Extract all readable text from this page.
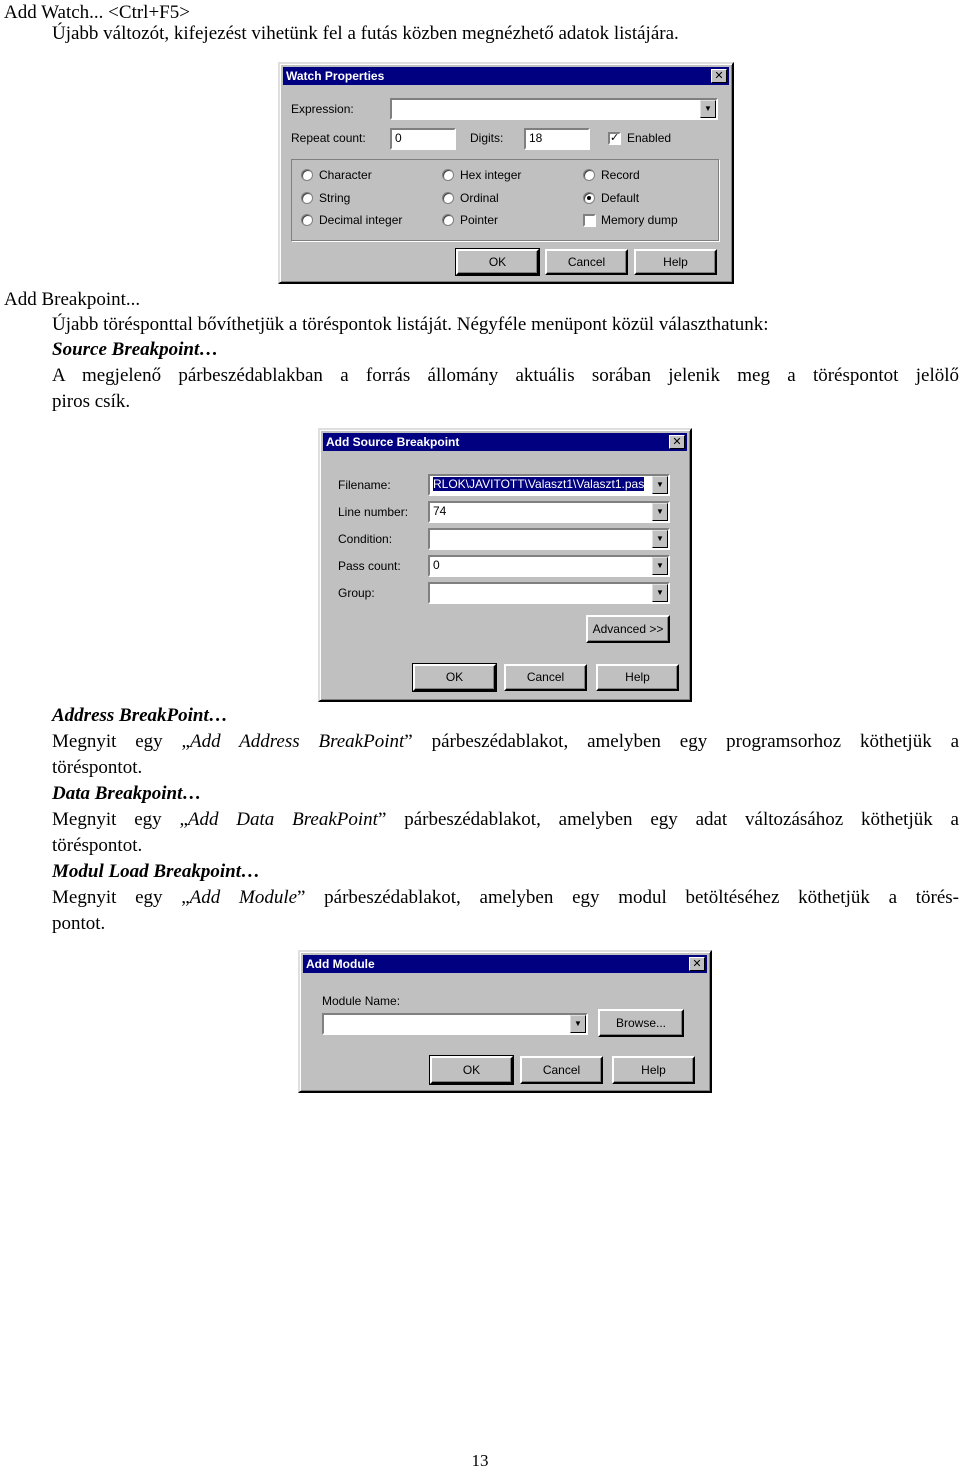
Add Watch... <Ctrl+F5>
Újabb változót, kifejezést vihetünk fel a futás közben megnézhető adatok listájára.
Watch Properties	✕
Expression:	▼
Repeat count:	0	Digits:	18	✓ Enabled
Character	Hex integer	Record
String	Ordinal	Default
Decimal integer	Pointer	Memory dump
OK	Cancel	Help
Add Breakpoint...
Újabb törésponttal bővíthetjük a töréspontok listáját. Négyféle menüpont közül választhatunk:
Source Breakpoint…
A megjelenő párbeszédablakban a forrás állomány aktuális sorában jelenik meg a töréspontot jelölő
piros csík.
Add Source Breakpoint	✕
Filename:	RLOK\JAVITOTT\Valaszt1\Valaszt1.pas	▼
Line number:	74	▼
Condition:	▼
Pass count:	0	▼
Group:	▼
Advanced >>
OK	Cancel	Help
Address BreakPoint…
Megnyit egy „Add Address BreakPoint” párbeszédablakot, amelyben egy programsorhoz köthetjük a
töréspontot.
Data Breakpoint…
Megnyit egy „Add Data BreakPoint” párbeszédablakot, amelyben egy adat változásához köthetjük a
töréspontot.
Modul Load Breakpoint…
Megnyit egy „Add Module” párbeszédablakot, amelyben egy modul betöltéséhez köthetjük a törés-
pontot.
Add Module	✕
Module Name:
▼	Browse...
OK	Cancel	Help
13
